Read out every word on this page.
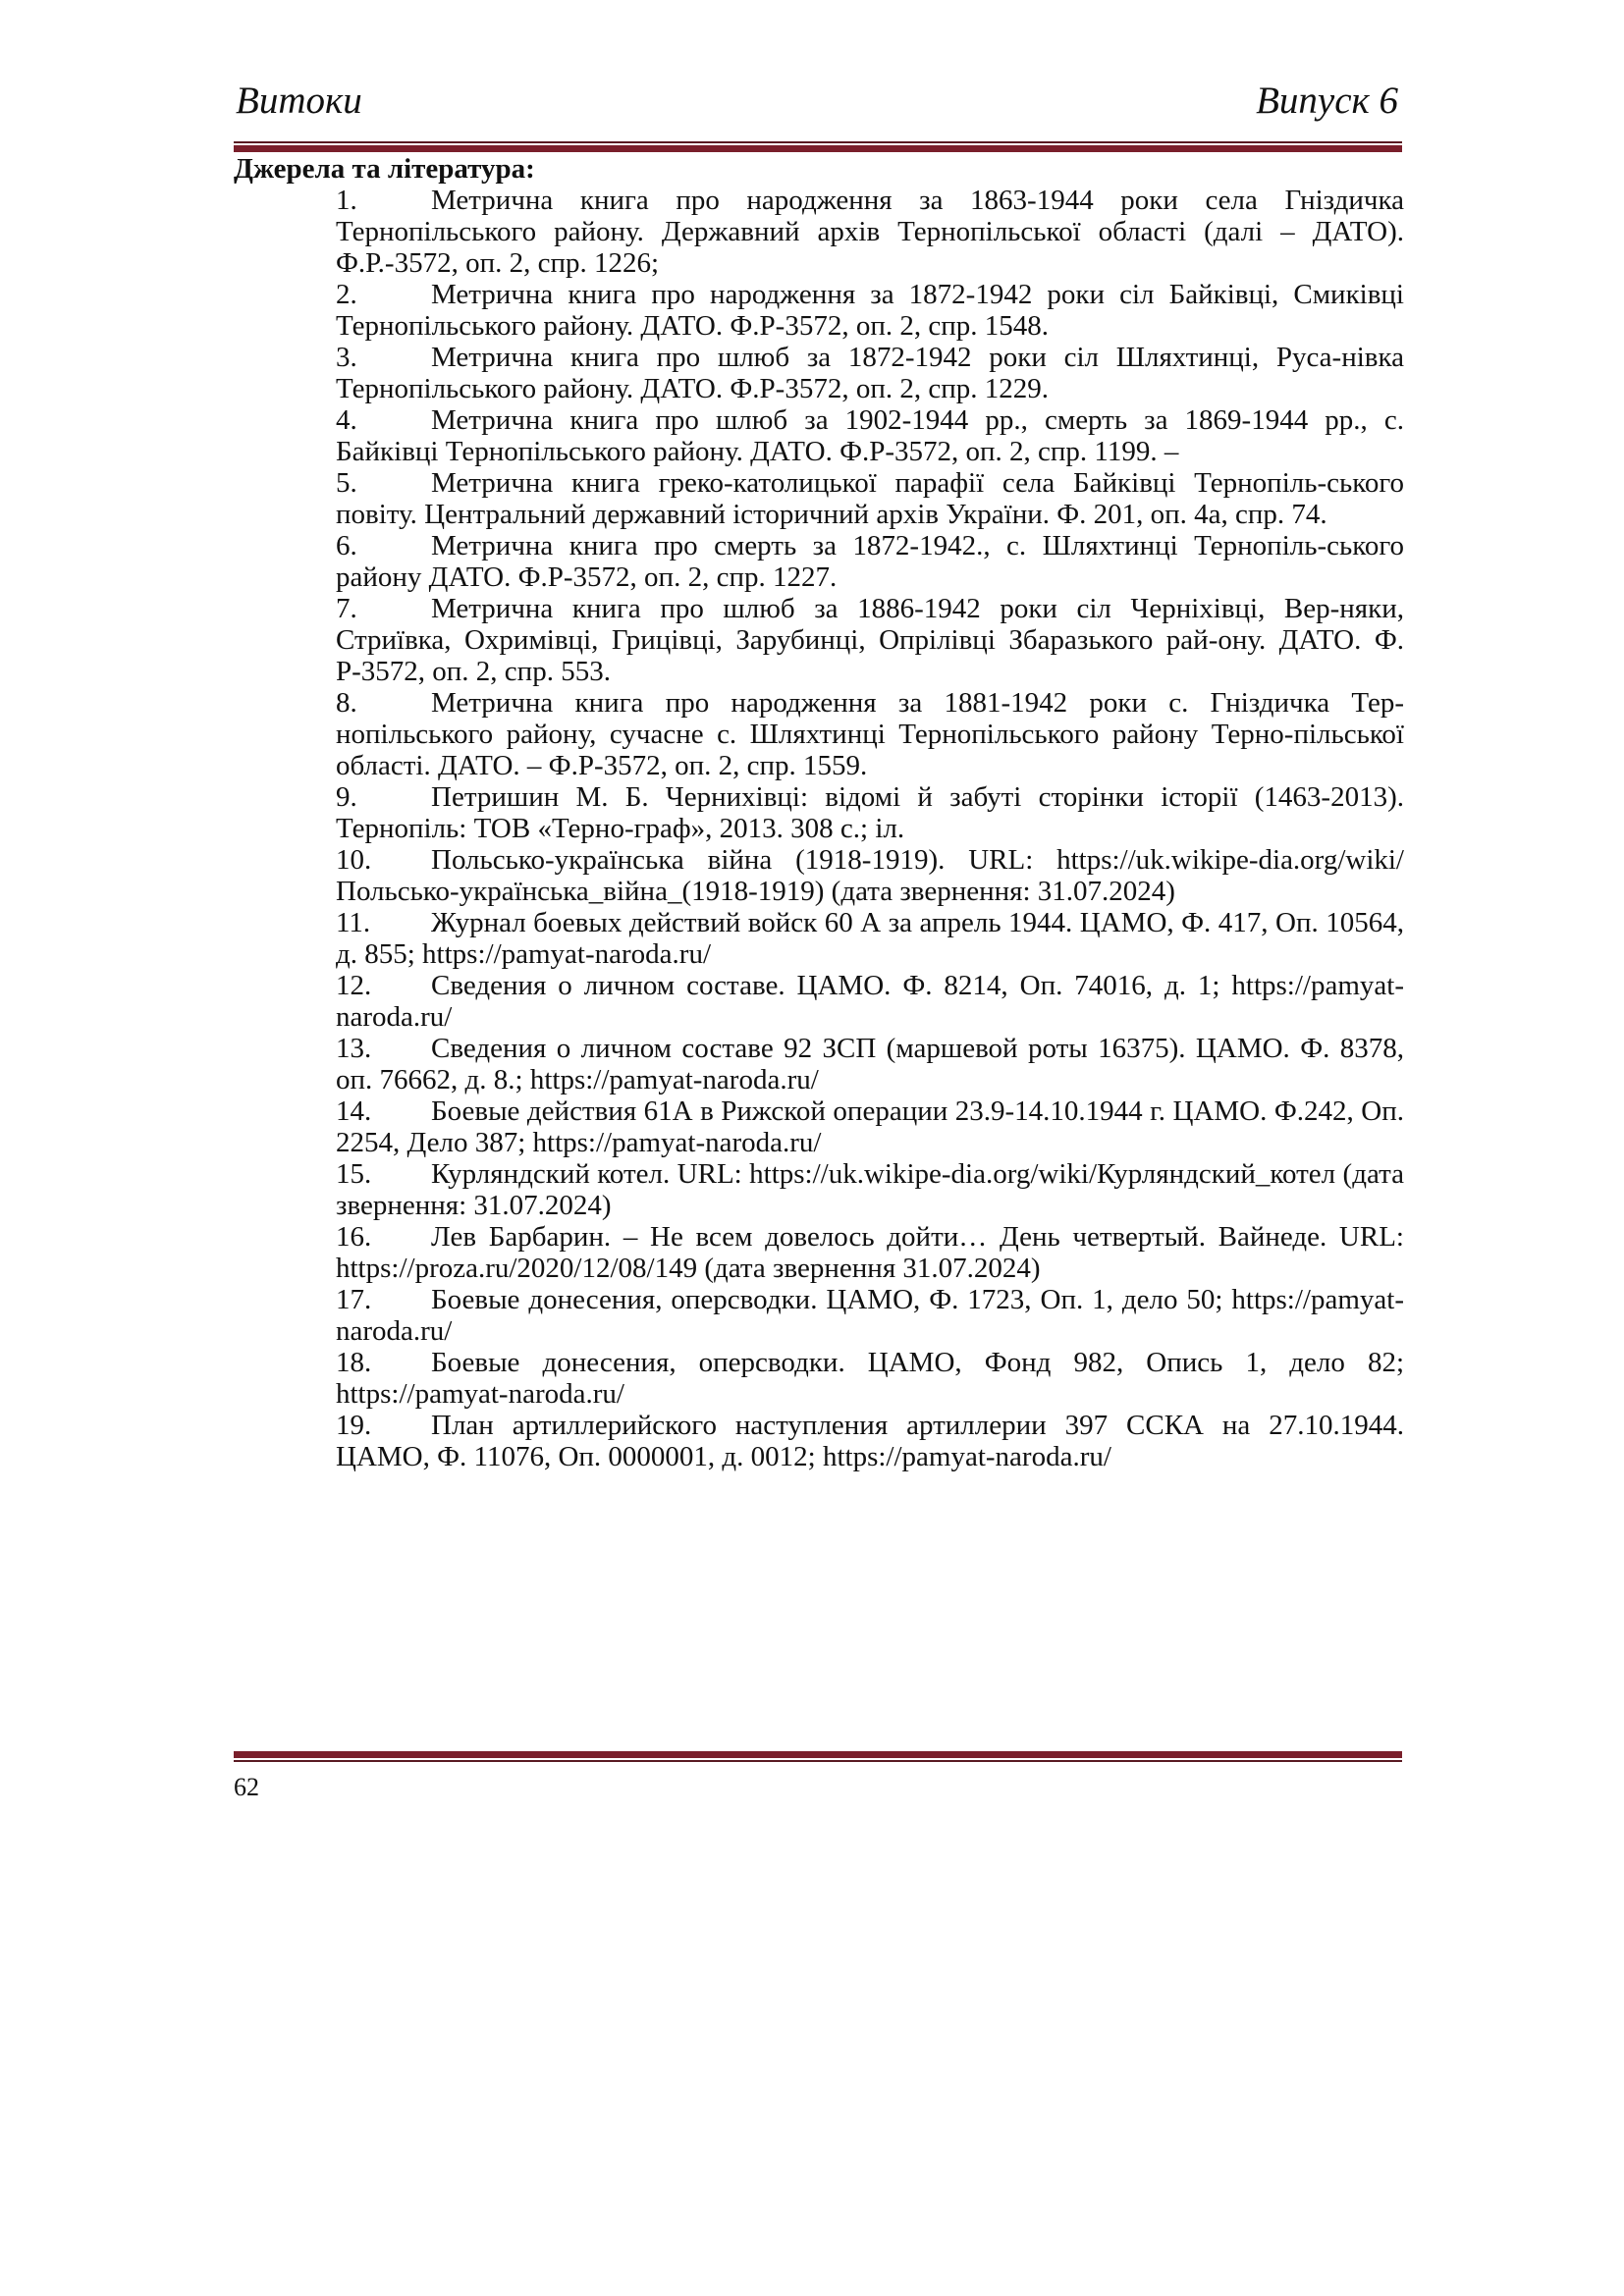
Витоки	Випуск 6

Джерела та література:

1.	Метрична книга про народження за 1863-1944 роки села Гніздичка Тернопільського району. Державний архів Тернопільської області (далі – ДАТО). Ф.Р.-3572, оп. 2, спр. 1226;
2.	Метрична книга про народження за 1872-1942 роки сіл Байківці, Смиківці Тернопільського району. ДАТО. Ф.Р-3572, оп. 2, спр. 1548.
3.	Метрична книга про шлюб за 1872-1942 роки сіл Шляхтинці, Руса-нівка Тернопільського району. ДАТО. Ф.Р-3572, оп. 2, спр. 1229.
4.	Метрична книга про шлюб за 1902-1944 рр., смерть за 1869-1944 рр., с. Байківці Тернопільського району. ДАТО. Ф.Р-3572, оп. 2, спр. 1199. –
5.	Метрична книга греко-католицької парафії села Байківці Тернопіль-ського повіту. Центральний державний історичний архів України. Ф. 201, оп. 4а, спр. 74.
6.	Метрична книга про смерть за 1872-1942., с. Шляхтинці Тернопіль-ського району ДАТО. Ф.Р-3572, оп. 2, спр. 1227.
7.	Метрична книга про шлюб за 1886-1942 роки сіл Черніхівці, Вер-няки, Стриївка, Охримівці, Грицівці, Зарубинці, Опрілівці Збаразького рай-ону. ДАТО. Ф. Р-3572, оп. 2, спр. 553.
8.	Метрична книга про народження за 1881-1942 роки с. Гніздичка Тер-нопільського району, сучасне с. Шляхтинці Тернопільського району Терно-пільської області. ДАТО. – Ф.Р-3572, оп. 2, спр. 1559.
9.	Петришин М. Б. Черниxівці: відомі й забуті сторінки історії (1463-2013). Тернопіль: ТОВ «Терно-граф», 2013. 308 с.; іл.
10. Польсько-українська війна (1918-1919). URL: https://uk.wikipe-dia.org/wiki/Польсько-українська_війна_(1918-1919) (дата звернення: 31.07.2024)
11. Журнал боевых действий войск 60 А за апрель 1944. ЦАМО, Ф. 417, Оп. 10564, д. 855; https://pamyat-naroda.ru/
12. Сведения о личном составе. ЦАМО. Ф. 8214, Оп. 74016, д. 1; https://pamyat-naroda.ru/
13. Сведения о личном составе 92 ЗСП (маршевой роты 16375). ЦАМО. Ф. 8378, оп. 76662, д. 8.; https://pamyat-naroda.ru/
14. Боевые действия 61А в Рижской операции 23.9-14.10.1944 г. ЦАМО. Ф.242, Оп. 2254, Дело 387; https://pamyat-naroda.ru/
15. Курляндский котел. URL: https://uk.wikipe-dia.org/wiki/Курляндский_котел (дата звернення: 31.07.2024)
16. Лев Барбарин. – Не всем довелось дойти… День четвертый. Вайнеде. URL: https://proza.ru/2020/12/08/149 (дата звернення 31.07.2024)
17. Боевые донесения, оперсводки. ЦАМО, Ф. 1723, Оп. 1, дело 50; https://pamyat-naroda.ru/
18. Боевые донесения, оперсводки. ЦАМО, Фонд 982, Опись 1, дело 82; https://pamyat-naroda.ru/
19. План артиллерийского наступления артиллерии 397 ССКА на 27.10.1944. ЦАМО, Ф. 11076, Оп. 0000001, д. 0012; https://pamyat-naroda.ru/
62
